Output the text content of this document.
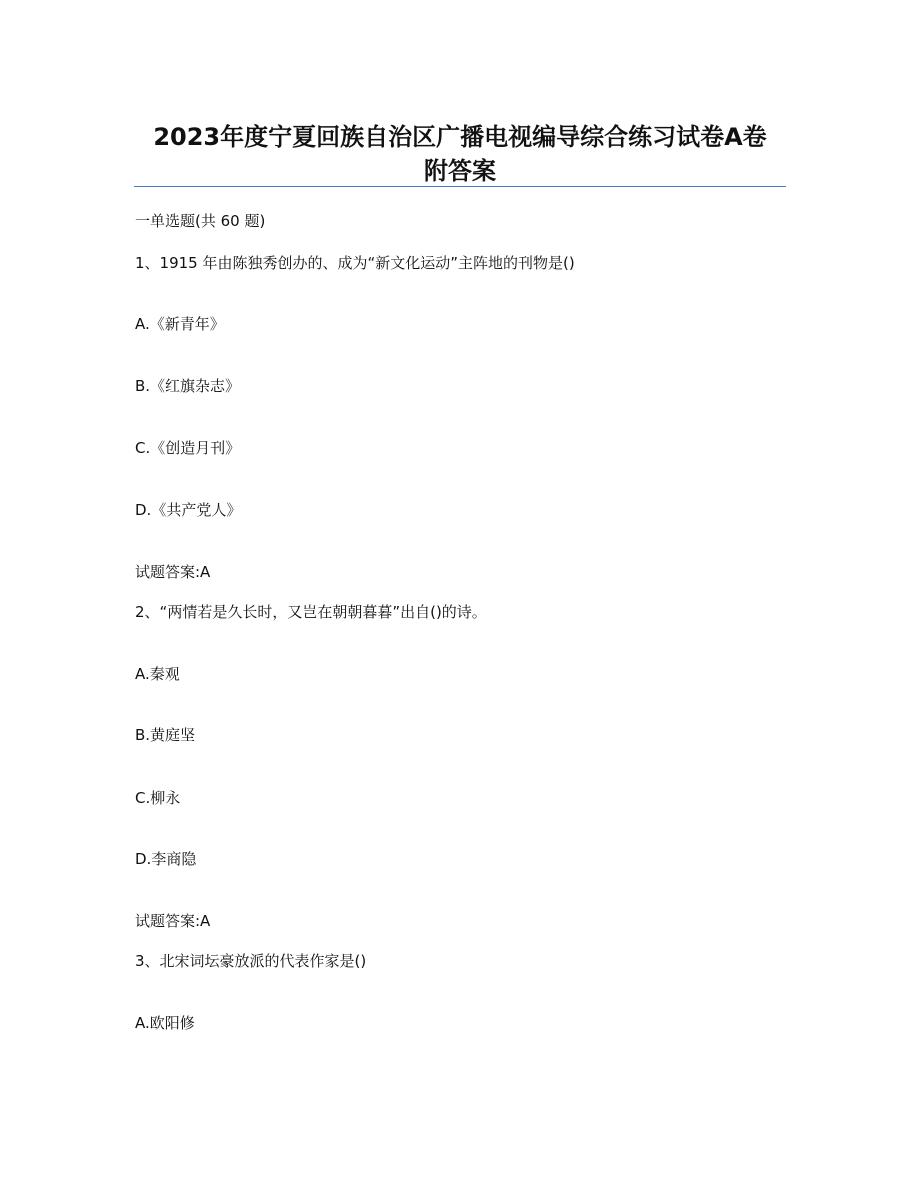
2023年度宁夏回族自治区广播电视编导综合练习试卷A卷
附答案
一单选题(共 60 题)
1、1915 年由陈独秀创办的、成为“新文化运动”主阵地的刊物是()
A.《新青年》
B.《红旗杂志》
C.《创造月刊》
D.《共产党人》
试题答案:A
2、“两情若是久长时，又岂在朝朝暮暮”出自()的诗。
A.秦观
B.黄庭坚
C.柳永
D.李商隐
试题答案:A
3、北宋词坛豪放派的代表作家是()
A.欧阳修
